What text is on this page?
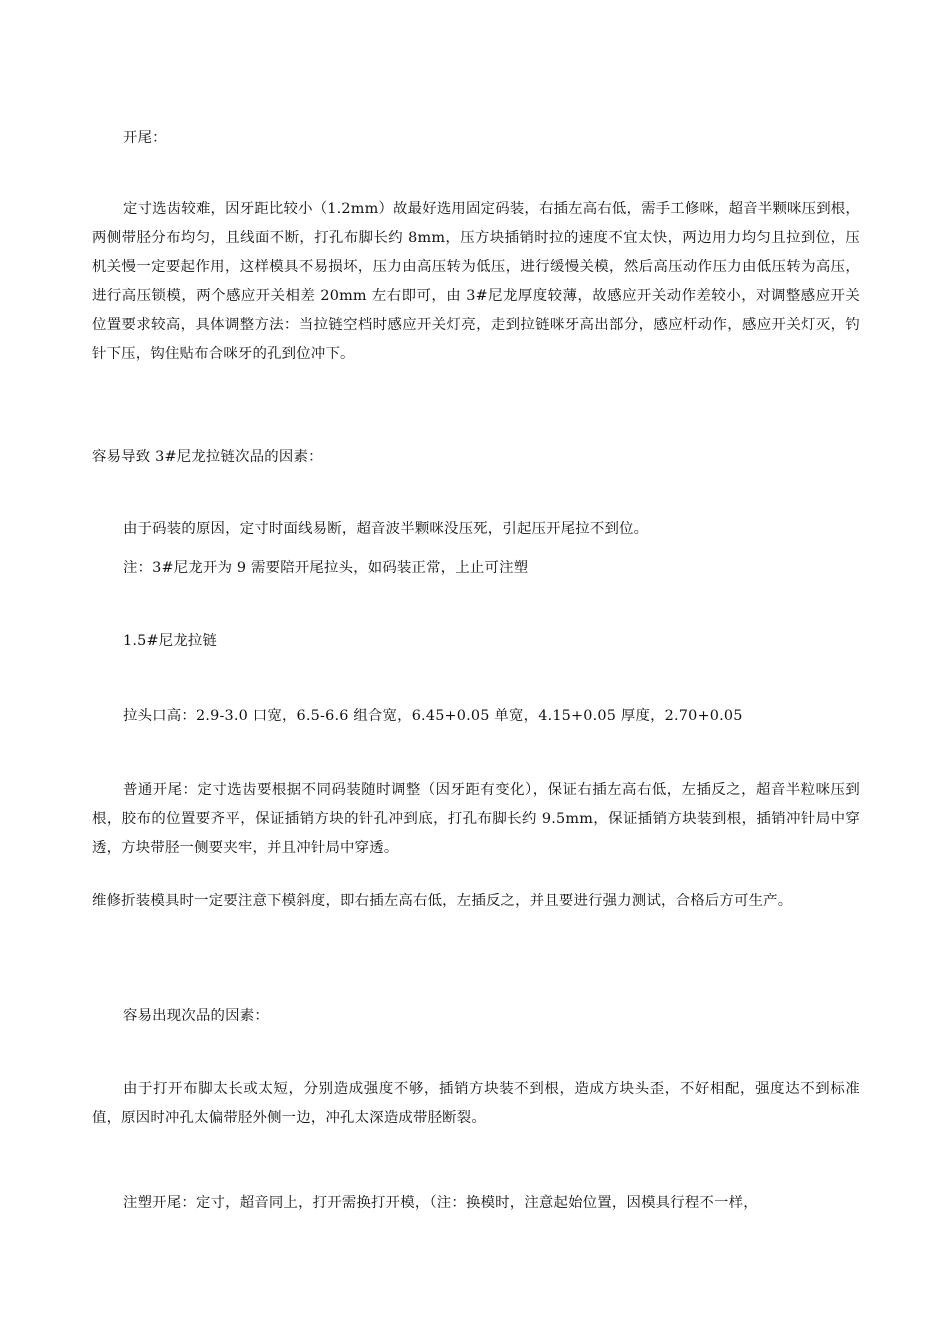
开尾：

定寸选齿较难，因牙距比较小（1.2mm）故最好选用固定码装，右插左高右低，需手工修咪，超音半颗咪压到根，两侧带胫分布均匀，且线面不断，打孔布脚长约 8mm，压方块插销时拉的速度不宜太快，两边用力均匀且拉到位，压机关慢一定要起作用，这样模具不易损坏，压力由高压转为低压，进行缓慢关模，然后高压动作压力由低压转为高压，进行高压锁模，两个感应开关相差 20mm 左右即可，由 3#尼龙厚度较薄，故感应开关动作差较小，对调整感应开关位置要求较高，具体调整方法：当拉链空档时感应开关灯亮，走到拉链咪牙高出部分，感应杆动作，感应开关灯灭，钓针下压，钩住贴布合咪牙的孔到位冲下。

容易导致 3#尼龙拉链次品的因素：

由于码装的原因，定寸时面线易断，超音波半颗咪没压死，引起压开尾拉不到位。

注：3#尼龙开为 9 需要陪开尾拉头，如码装正常，上止可注塑

1.5#尼龙拉链

拉头口高：2.9-3.0 口宽，6.5-6.6 组合宽，6.45+0.05 单宽，4.15+0.05 厚度，2.70+0.05

普通开尾：定寸选齿要根据不同码装随时调整（因牙距有变化），保证右插左高右低，左插反之，超音半粒咪压到根，胶布的位置要齐平，保证插销方块的针孔冲到底，打孔布脚长约 9.5mm，保证插销方块装到根，插销冲针局中穿透，方块带胫一侧要夹牢，并且冲针局中穿透。

维修折装模具时一定要注意下模斜度，即右插左高右低，左插反之，并且要进行强力测试，合格后方可生产。

容易出现次品的因素：

由于打开布脚太长或太短，分别造成强度不够，插销方块装不到根，造成方块头歪，不好相配，强度达不到标准值，原因时冲孔太偏带胫外侧一边，冲孔太深造成带胫断裂。

注塑开尾：定寸，超音同上，打开需换打开模，（注：换模时，注意起始位置，因模具行程不一样，
